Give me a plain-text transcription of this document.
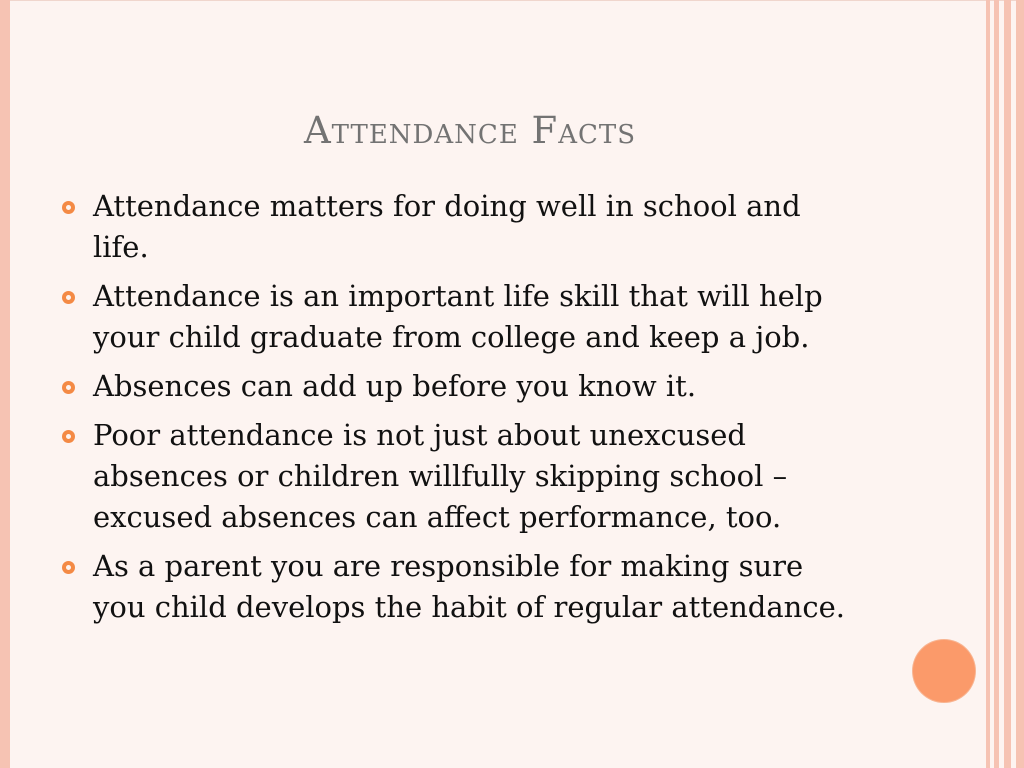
Attendance Facts
Attendance matters for doing well in school and life.
Attendance is an important life skill that will help your child graduate from college and keep a job.
Absences can add up before you know it.
Poor attendance is not just about unexcused absences or children willfully skipping school – excused absences can affect performance, too.
As a parent you are responsible for making sure you child develops the habit of regular attendance.
